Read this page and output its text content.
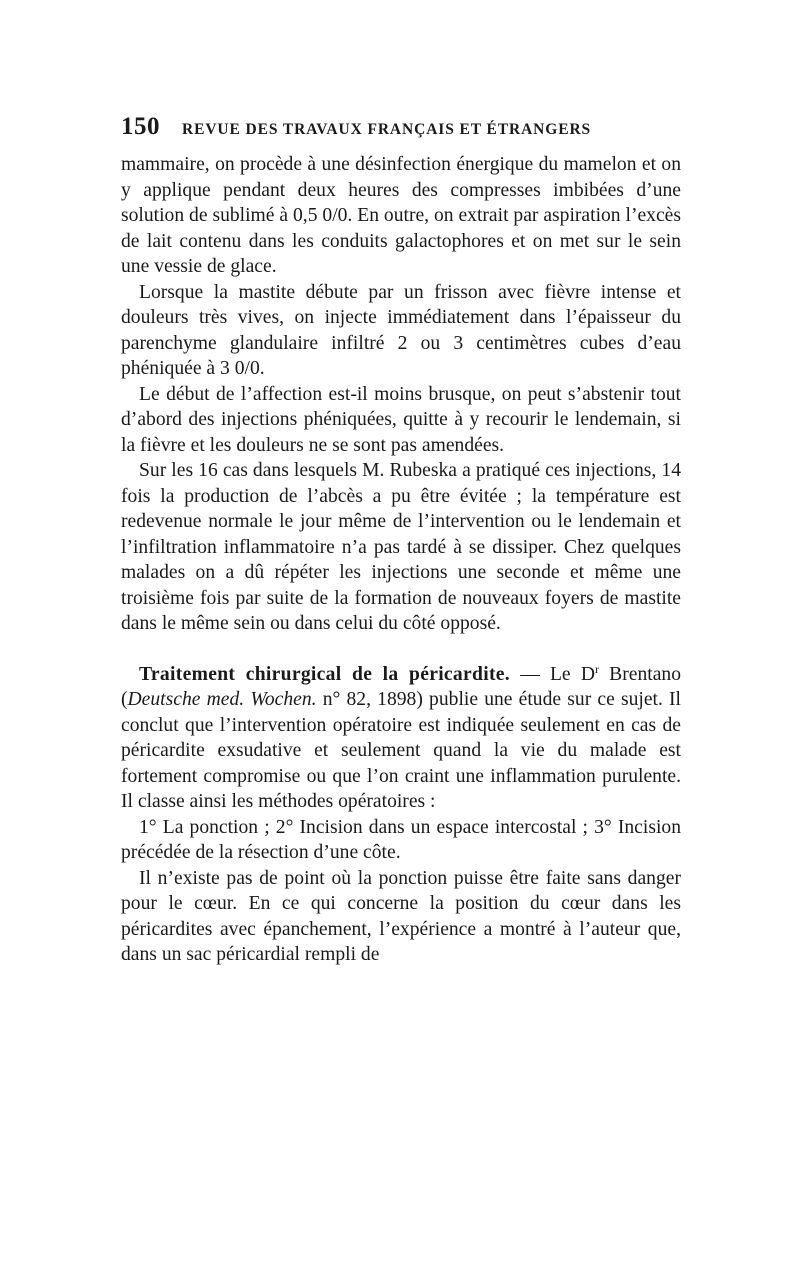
150 REVUE DES TRAVAUX FRANÇAIS ET ÉTRANGERS

mammaire, on procède à une désinfection énergique du mamelon et on y applique pendant deux heures des compresses imbibées d’une solution de sublimé à 0,5 0/0. En outre, on extrait par aspiration l’excès de lait contenu dans les conduits galactophores et on met sur le sein une vessie de glace.

Lorsque la mastite débute par un frisson avec fièvre intense et douleurs très vives, on injecte immédiatement dans l’épaisseur du parenchyme glandulaire infiltré 2 ou 3 centimètres cubes d’eau phéniquée à 3 0/0.

Le début de l’affection est-il moins brusque, on peut s’abstenir tout d’abord des injections phéniquées, quitte à y recourir le lendemain, si la fièvre et les douleurs ne se sont pas amendées.

Sur les 16 cas dans lesquels M. Rubeska a pratiqué ces injections, 14 fois la production de l’abcès a pu être évitée ; la température est redevenue normale le jour même de l’intervention ou le lendemain et l’infiltration inflammatoire n’a pas tardé à se dissiper. Chez quelques malades on a dû répéter les injections une seconde et même une troisième fois par suite de la formation de nouveaux foyers de mastite dans le même sein ou dans celui du côté opposé.

Traitement chirurgical de la péricardite. — Le $D^r$ Brentano (Deutsche med. Wochen. n° 82, 1898) publie une étude sur ce sujet. Il conclut que l’intervention opératoire est indiquée seulement en cas de péricardite exsudative et seulement quand la vie du malade est fortement compromise ou que l’on craint une inflammation purulente. Il classe ainsi les méthodes opératoires :

1° La ponction ; 2° Incision dans un espace intercostal ; 3° Incision précédée de la résection d’une côte.

Il n’existe pas de point où la ponction puisse être faite sans danger pour le cœur. En ce qui concerne la position du cœur dans les péricardites avec épanchement, l’expérience a montré à l’auteur que, dans un sac péricardial rempli de
